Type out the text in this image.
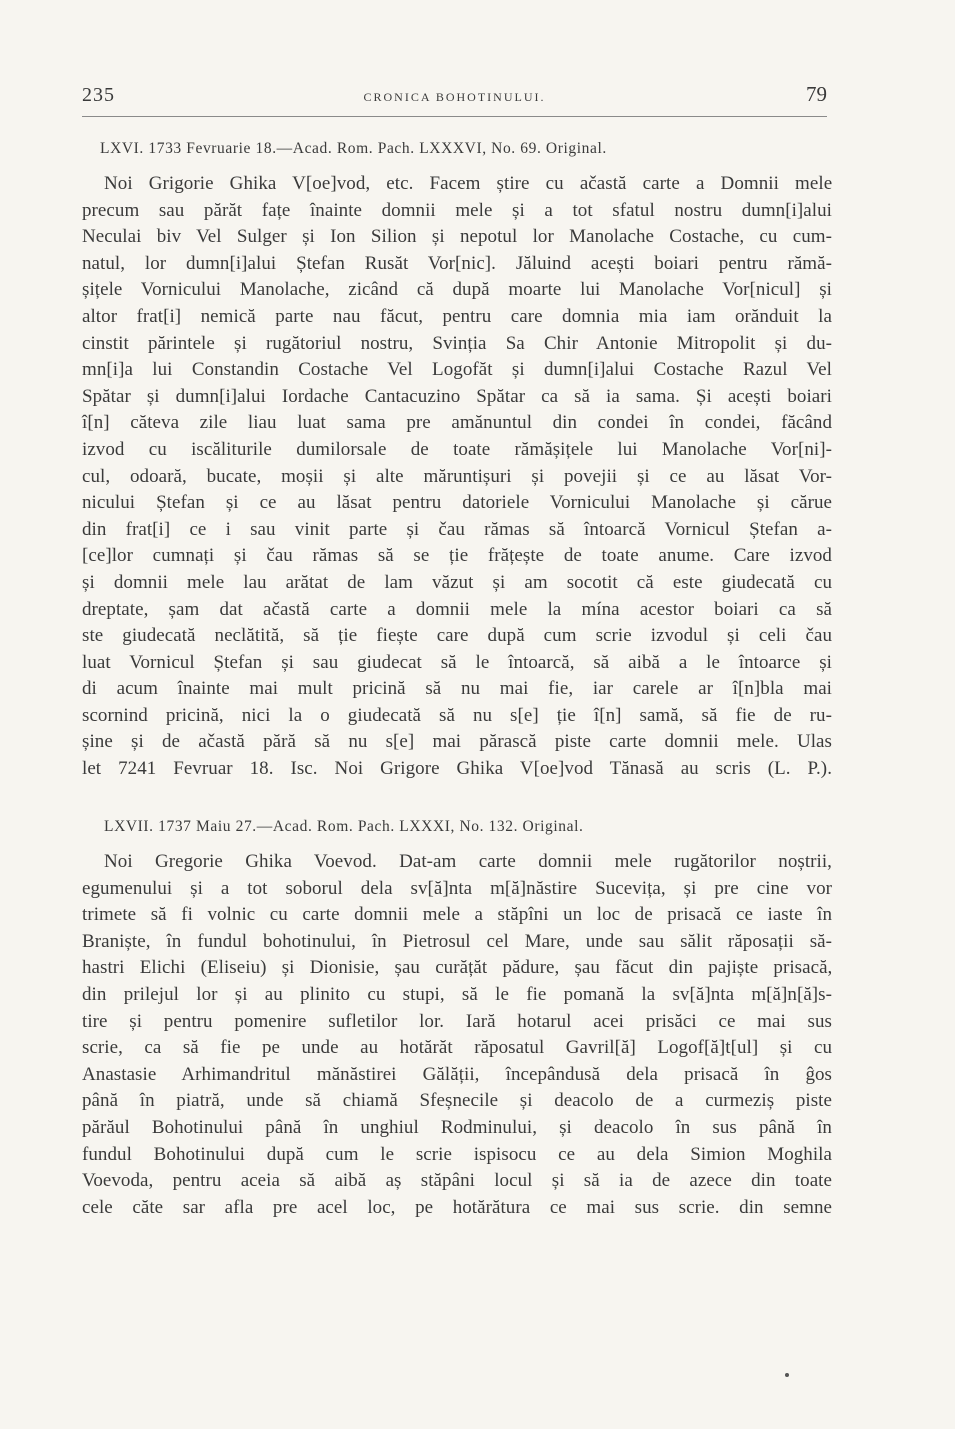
235	CRONICA BOHOTINULUI.	79
LXVI. 1733 Fevruarie 18.—Acad. Rom. Pach. LXXXVI, No. 69. Original.
Noi Grigorie Ghika V[oe]vod, etc. Facem știre cu ačastă carte a Domnii mele
precum sau părăt fațe înainte domnii mele și a tot sfatul nostru dumn[i]alui
Neculai biv Vel Sulger și Ion Silion și nepotul lor Manolache Costache, cu cum-
natul, lor dumn[i]alui Ștefan Rusăt Vor[nic]. Jăluind acești boiari pentru rămă-
șițele Vornicului Manolache, zicând că după moarte lui Manolache Vor[nicul] și
altor frat[i] nemică parte nau făcut, pentru care domnia mia iam orănduit la
cinstit părintele și rugătoriul nostru, Svinția Sa Chir Antonie Mitropolit și du-
mn[i]a lui Constandin Costache Vel Logofăt și dumn[i]alui Costache Razul Vel
Spătar și dumn[i]alui Iordache Cantacuzino Spătar ca să ia sama. Și acești boiari
î[n] căteva zile liau luat sama pre amănuntul din condei în condei, făcând
izvod cu iscăliturile dumilorsale de toate rămășițele lui Manolache Vor[ni]-
cul, odoară, bucate, moșii și alte măruntișuri și povejii și ce au lăsat Vor-
nicului Ștefan și ce au lăsat pentru datoriele Vornicului Manolache și cărue
din frat[i] ce i sau vinit parte și čau rămas să întoarcă Vornicul Ștefan a-
[ce]lor cumnați și čau rămas să se ție frățește de toate anume. Care izvod
și domnii mele lau arătat de lam văzut și am socotit că este giudecată cu
dreptate, șam dat ačastă carte a domnii mele la mína acestor boiari ca să
ste giudecată neclătită, să ție fiește care după cum scrie izvodul și celi čau
luat Vornicul Ștefan și sau giudecat să le întoarcă, să aibă a le întoarce și
di acum înainte mai mult pricină să nu mai fie, iar carele ar î[n]bla mai
scornind pricină, nici la o giudecată să nu s[e] ție î[n] samă, să fie de ru-
șine și de ačastă pără să nu s[e] mai părască piste carte domnii mele. Ulas
let 7241 Fevruar 18. Isc. Noi Grigore Ghika V[oe]vod Tănasă au scris (L. P.).
LXVII. 1737 Maiu 27.—Acad. Rom. Pach. LXXXI, No. 132. Original.
Noi Gregorie Ghika Voevod. Dat-am carte domnii mele rugătorilor noștrii,
egumenului și a tot soborul dela sv[ă]nta m[ă]năstire Sucevița, și pre cine vor
trimete să fi volnic cu carte domnii mele a stăpîni un loc de prisacă ce iaste în
Braniște, în fundul bohotinului, în Pietrosul cel Mare, unde sau sălit răposații să-
hastri Elichi (Eliseiu) și Dionisie, șau curățăt pădure, șau făcut din pajiște prisacă,
din prilejul lor și au plinito cu stupi, să le fie pomană la sv[ă]nta m[ă]n[ă]s-
tire și pentru pomenire sufletilor lor. Iară hotarul acei prisăci ce mai sus
scrie, ca să fie pe unde au hotărăt răposatul Gavril[ă] Logof[ă]t[ul] și cu
Anastasie Arhimandritul mănăstirei Gălății, începândusă dela prisacă în ĝos
până în piatră, unde să chiamă Sfeșnecile și deacolo de a curmeziș piste
părăul Bohotinului până în unghiul Rodminului, și deacolo în sus până în
fundul Bohotinului după cum le scrie ispisocu ce au dela Simion Moghila
Voevoda, pentru aceia să aibă aș stăpâni locul și să ia de azece din toate
cele căte sar afla pre acel loc, pe hotărătura ce mai sus scrie. din semne
